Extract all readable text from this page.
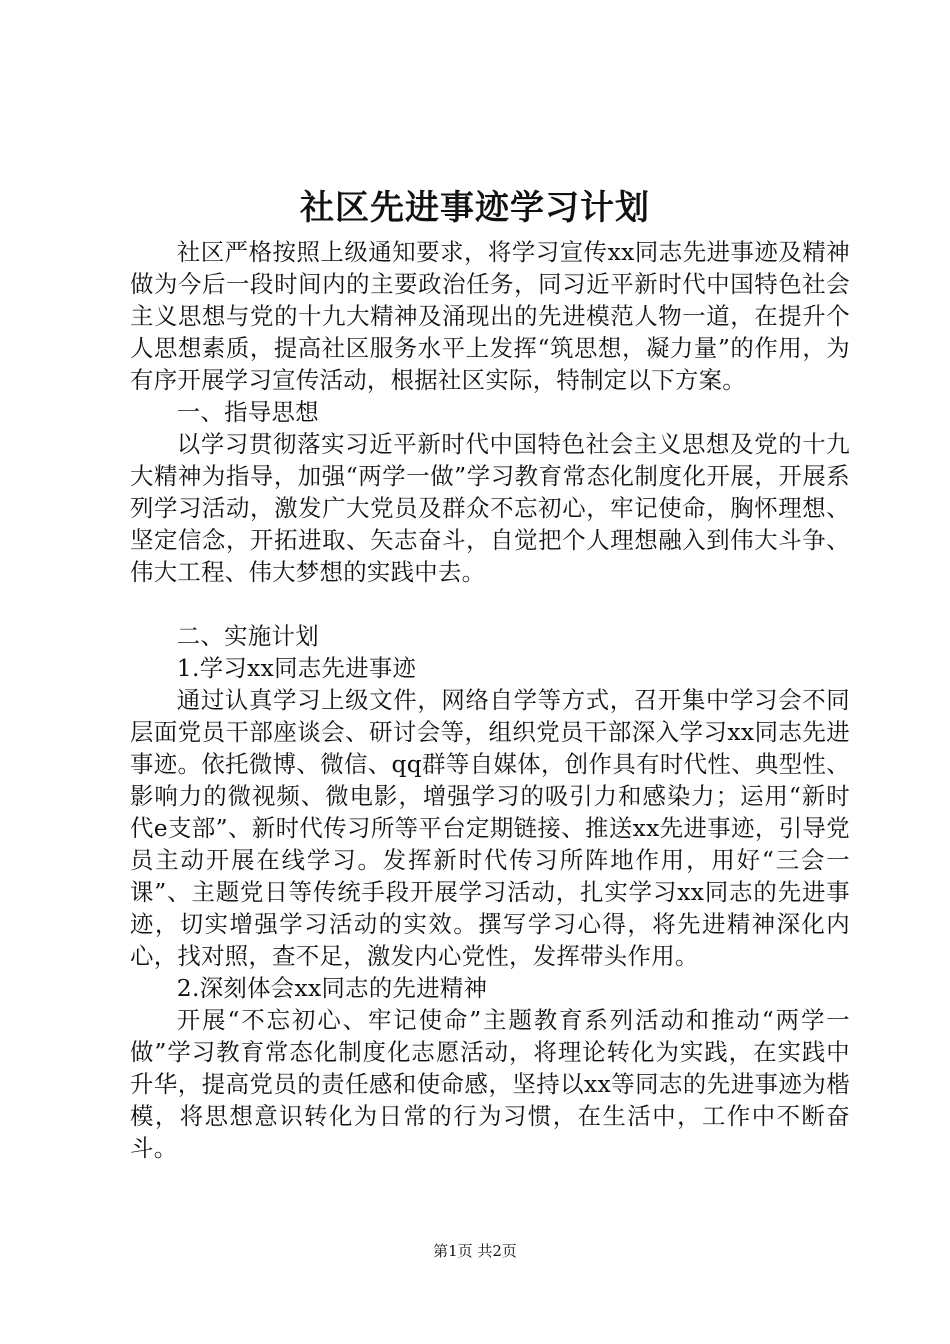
社区先进事迹学习计划

社区严格按照上级通知要求，将学习宣传xx同志先进事迹及精神做为今后一段时间内的主要政治任务，同习近平新时代中国特色社会主义思想与党的十九大精神及涌现出的先进模范人物一道，在提升个人思想素质，提高社区服务水平上发挥“筑思想，凝力量”的作用，为有序开展学习宣传活动，根据社区实际，特制定以下方案。

一、指导思想

以学习贯彻落实习近平新时代中国特色社会主义思想及党的十九大精神为指导，加强“两学一做”学习教育常态化制度化开展，开展系列学习活动，激发广大党员及群众不忘初心，牢记使命，胸怀理想、坚定信念，开拓进取、矢志奋斗，自觉把个人理想融入到伟大斗争、伟大工程、伟大梦想的实践中去。

二、实施计划

1.学习xx同志先进事迹

通过认真学习上级文件，网络自学等方式，召开集中学习会不同层面党员干部座谈会、研讨会等，组织党员干部深入学习xx同志先进事迹。依托微博、微信、qq群等自媒体，创作具有时代性、典型性、影响力的微视频、微电影，增强学习的吸引力和感染力；运用“新时代e支部”、新时代传习所等平台定期链接、推送xx先进事迹，引导党员主动开展在线学习。发挥新时代传习所阵地作用，用好“三会一课”、主题党日等传统手段开展学习活动，扎实学习xx同志的先进事迹，切实增强学习活动的实效。撰写学习心得，将先进精神深化内心，找对照，查不足，激发内心党性，发挥带头作用。

2.深刻体会xx同志的先进精神

开展“不忘初心、牢记使命”主题教育系列活动和推动“两学一做”学习教育常态化制度化志愿活动，将理论转化为实践，在实践中升华，提高党员的责任感和使命感，坚持以xx等同志的先进事迹为楷模，将思想意识转化为日常的行为习惯，在生活中，工作中不断奋斗。

第1页 共2页
